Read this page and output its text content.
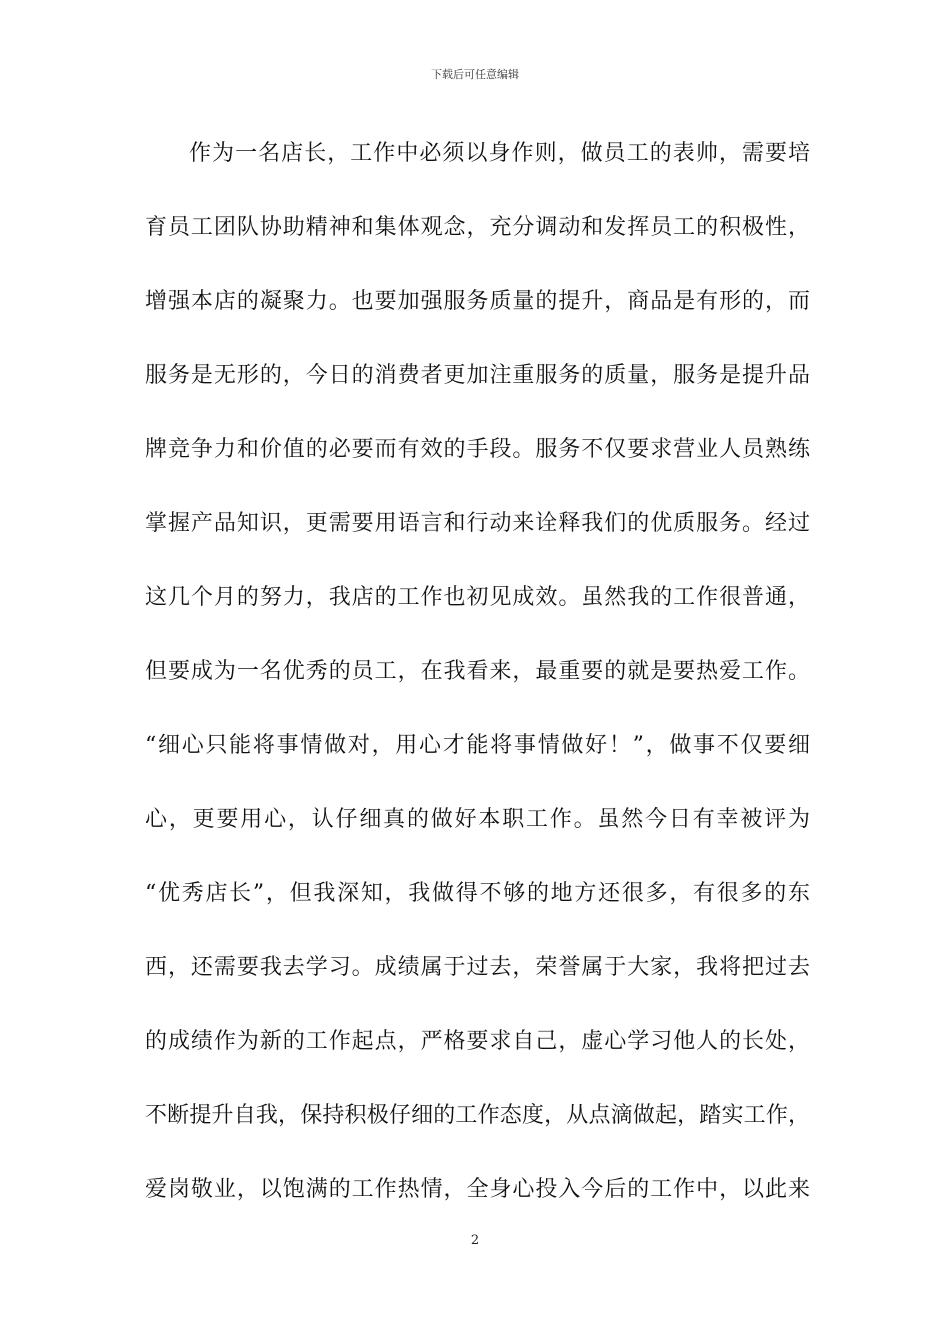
下载后可任意编辑
作为一名店长，工作中必须以身作则，做员工的表帅，需要培
育员工团队协助精神和集体观念，充分调动和发挥员工的积极性，
增强本店的凝聚力。也要加强服务质量的提升，商品是有形的，而
服务是无形的，今日的消费者更加注重服务的质量，服务是提升品
牌竞争力和价值的必要而有效的手段。服务不仅要求营业人员熟练
掌握产品知识，更需要用语言和行动来诠释我们的优质服务。经过
这几个月的努力，我店的工作也初见成效。虽然我的工作很普通，
但要成为一名优秀的员工，在我看来，最重要的就是要热爱工作。
“细心只能将事情做对，用心才能将事情做好！”，做事不仅要细
心，更要用心，认仔细真的做好本职工作。虽然今日有幸被评为
“优秀店长”，但我深知，我做得不够的地方还很多，有很多的东
西，还需要我去学习。成绩属于过去，荣誉属于大家，我将把过去
的成绩作为新的工作起点，严格要求自己，虚心学习他人的长处，
不断提升自我，保持积极仔细的工作态度，从点滴做起，踏实工作，
爱岗敬业，以饱满的工作热情，全身心投入今后的工作中，以此来
2
